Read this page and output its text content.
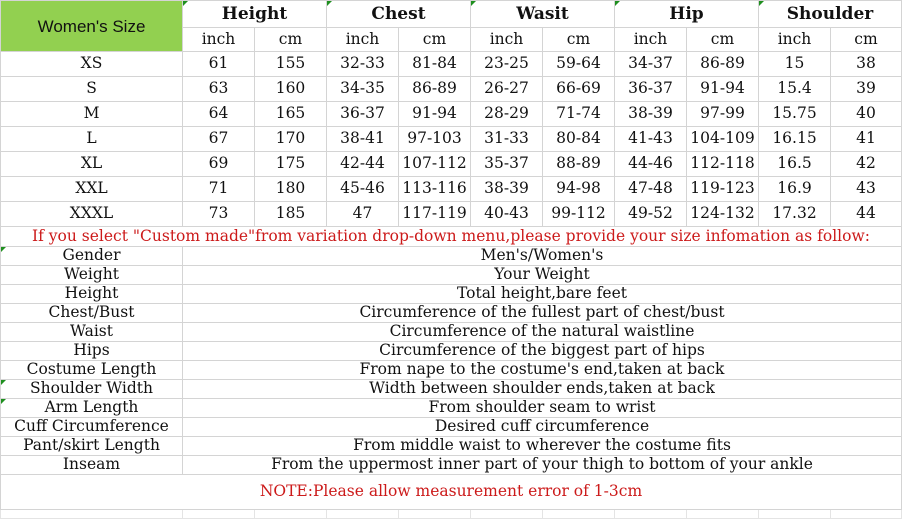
Women's Size	Height		Chest		Wasit		Hip		Shoulder	
	inch	cm	inch	cm	inch	cm	inch	cm	inch	cm
XS	61	155	32-33	81-84	23-25	59-64	34-37	86-89	15	38
S	63	160	34-35	86-89	26-27	66-69	36-37	91-94	15.4	39
M	64	165	36-37	91-94	28-29	71-74	38-39	97-99	15.75	40
L	67	170	38-41	97-103	31-33	80-84	41-43	104-109	16.15	41
XL	69	175	42-44	107-112	35-37	88-89	44-46	112-118	16.5	42
XXL	71	180	45-46	113-116	38-39	94-98	47-48	119-123	16.9	43
XXXL	73	185	47	117-119	40-43	99-112	49-52	124-132	17.32	44
If you select "Custom made"from variation drop-down menu,please provide your size infomation as follow:										
Gender	Men's/Women's									
Weight	Your Weight									
Height	Total height,bare feet									
Chest/Bust	Circumference of the fullest part of chest/bust									
Waist	Circumference of the natural waistline									
Hips	Circumference of the biggest part of hips									
Costume Length	From nape to the costume's end,taken at back									
Shoulder Width	Width between shoulder ends,taken at back									
Arm Length	From shoulder seam to wrist									
Cuff Circumference	Desired cuff circumference									
Pant/skirt Length	From middle waist to wherever the costume fits									
Inseam	From the uppermost inner part of your thigh to bottom of your ankle									
NOTE:Please allow measurement error of 1-3cm										
